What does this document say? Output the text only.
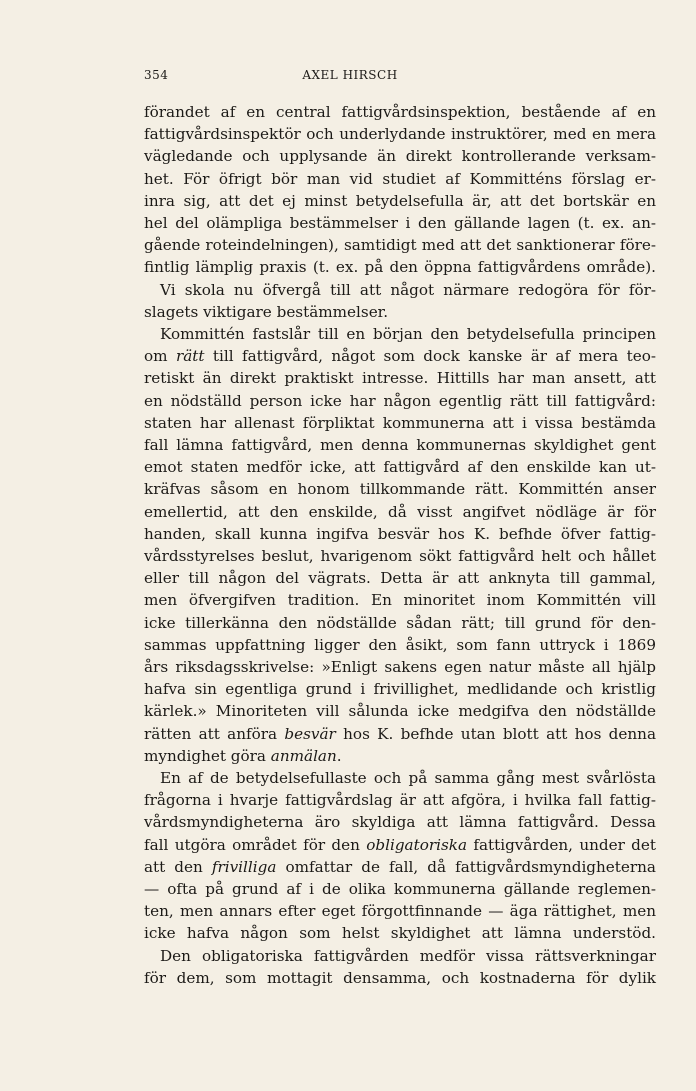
354	AXEL HIRSCH
förandet af en central fattigvårdsinspektion, bestående af en
fattigvårdsinspektör och underlydande instruktörer, med en mera
vägledande och upplysande än direkt kontrollerande verksam-
het. För öfrigt bör man vid studiet af Kommitténs förslag er-
inra sig, att det ej minst betydelsefulla är, att det bortskär en
hel del olämpliga bestämmelser i den gällande lagen (t. ex. an-
gående roteindelningen), samtidigt med att det sanktionerar före-
fintlig lämplig praxis (t. ex. på den öppna fattigvårdens område).
Vi skola nu öfvergå till att något närmare redogöra för för-
slagets viktigare bestämmelser.
Kommittén fastslår till en början den betydelsefulla principen
om rätt till fattigvård, något som dock kanske är af mera teo-
retiskt än direkt praktiskt intresse. Hittills har man ansett, att
en nödställd person icke har någon egentlig rätt till fattigvård:
staten har allenast förpliktat kommunerna att i vissa bestämda
fall lämna fattigvård, men denna kommunernas skyldighet gent
emot staten medför icke, att fattigvård af den enskilde kan ut-
kräfvas såsom en honom tillkommande rätt. Kommittén anser
emellertid, att den enskilde, då visst angifvet nödläge är för
handen, skall kunna ingifva besvär hos K. befhde öfver fattig-
vårdsstyrelses beslut, hvarigenom sökt fattigvård helt och hållet
eller till någon del vägrats. Detta är att anknyta till gammal,
men öfvergifven tradition. En minoritet inom Kommittén vill
icke tillerkänna den nödställde sådan rätt; till grund för den-
sammas uppfattning ligger den åsikt, som fann uttryck i 1869
års riksdagsskrivelse: »Enligt sakens egen natur måste all hjälp
hafva sin egentliga grund i frivillighet, medlidande och kristlig
kärlek.» Minoriteten vill sålunda icke medgifva den nödställde
rätten att anföra besvär hos K. befhde utan blott att hos denna
myndighet göra anmälan.
En af de betydelsefullaste och på samma gång mest svårlösta
frågorna i hvarje fattigvårdslag är att afgöra, i hvilka fall fattig-
vårdsmyndigheterna äro skyldiga att lämna fattigvård. Dessa
fall utgöra området för den obligatoriska fattigvården, under det
att den frivilliga omfattar de fall, då fattigvårdsmyndigheterna
— ofta på grund af i de olika kommunerna gällande reglemen-
ten, men annars efter eget förgottfinnande — äga rättighet, men
icke hafva någon som helst skyldighet att lämna understöd.
Den obligatoriska fattigvården medför vissa rättsverkningar
för dem, som mottagit densamma, och kostnaderna för dylik
